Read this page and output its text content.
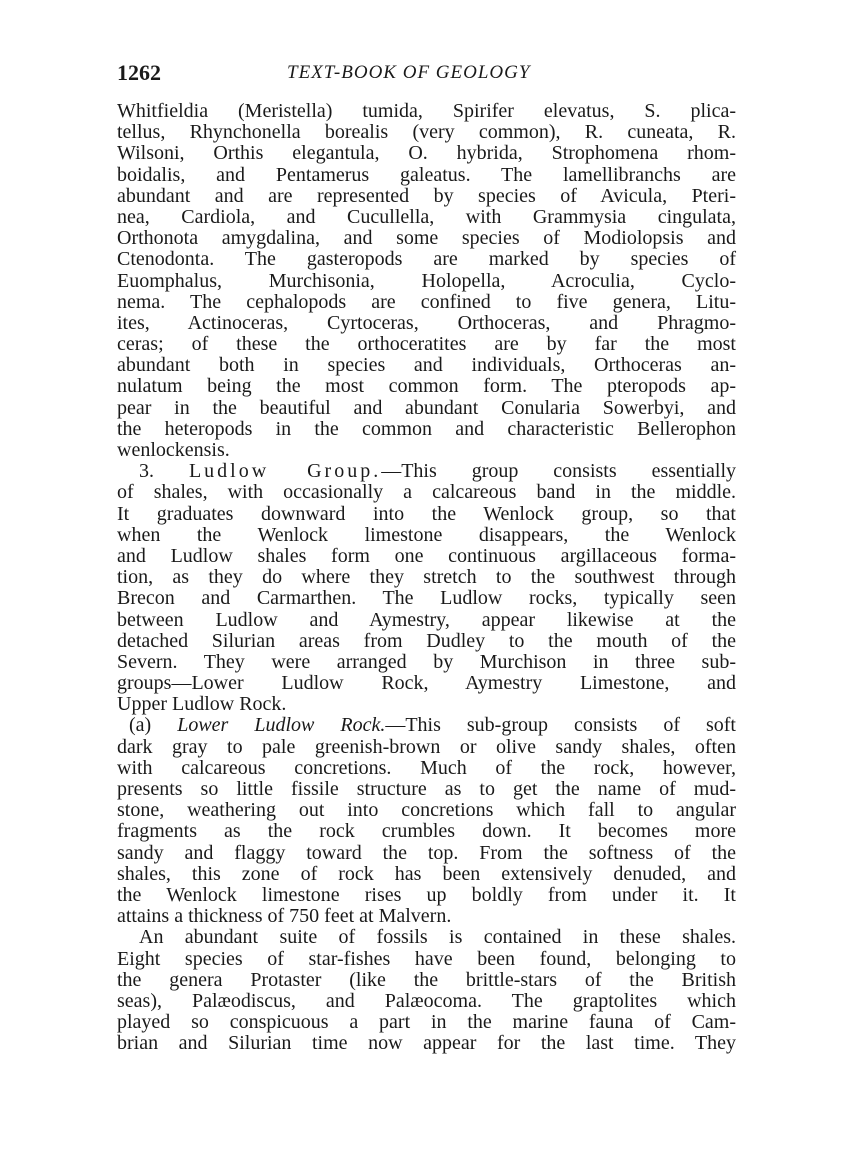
1262	TEXT-BOOK OF GEOLOGY
Whitfieldia (Meristella) tumida, Spirifer elevatus, S. plica-
tellus, Rhynchonella borealis (very common), R. cuneata, R.
Wilsoni, Orthis elegantula, O. hybrida, Strophomena rhom-
boidalis, and Pentamerus galeatus. The lamellibranchs are
abundant and are represented by species of Avicula, Pteri-
nea, Cardiola, and Cucullella, with Grammysia cingulata,
Orthonota amygdalina, and some species of Modiolopsis and
Ctenodonta. The gasteropods are marked by species of
Euomphalus, Murchisonia, Holopella, Acroculia, Cyclo-
nema. The cephalopods are confined to five genera, Litu-
ites, Actinoceras, Cyrtoceras, Orthoceras, and Phragmo-
ceras; of these the orthoceratites are by far the most
abundant both in species and individuals, Orthoceras an-
nulatum being the most common form. The pteropods ap-
pear in the beautiful and abundant Conularia Sowerbyi, and
the heteropods in the common and characteristic Bellerophon
wenlockensis.
3. Ludlow Group.—This group consists essentially
of shales, with occasionally a calcareous band in the middle.
It graduates downward into the Wenlock group, so that
when the Wenlock limestone disappears, the Wenlock
and Ludlow shales form one continuous argillaceous forma-
tion, as they do where they stretch to the southwest through
Brecon and Carmarthen. The Ludlow rocks, typically seen
between Ludlow and Aymestry, appear likewise at the
detached Silurian areas from Dudley to the mouth of the
Severn. They were arranged by Murchison in three sub-
groups—Lower Ludlow Rock, Aymestry Limestone, and
Upper Ludlow Rock.
(a) Lower Ludlow Rock.—This sub-group consists of soft
dark gray to pale greenish-brown or olive sandy shales, often
with calcareous concretions. Much of the rock, however,
presents so little fissile structure as to get the name of mud-
stone, weathering out into concretions which fall to angular
fragments as the rock crumbles down. It becomes more
sandy and flaggy toward the top. From the softness of the
shales, this zone of rock has been extensively denuded, and
the Wenlock limestone rises up boldly from under it. It
attains a thickness of 750 feet at Malvern.
An abundant suite of fossils is contained in these shales.
Eight species of star-fishes have been found, belonging to
the genera Protaster (like the brittle-stars of the British
seas), Palæodiscus, and Palæocoma. The graptolites which
played so conspicuous a part in the marine fauna of Cam-
brian and Silurian time now appear for the last time. They
